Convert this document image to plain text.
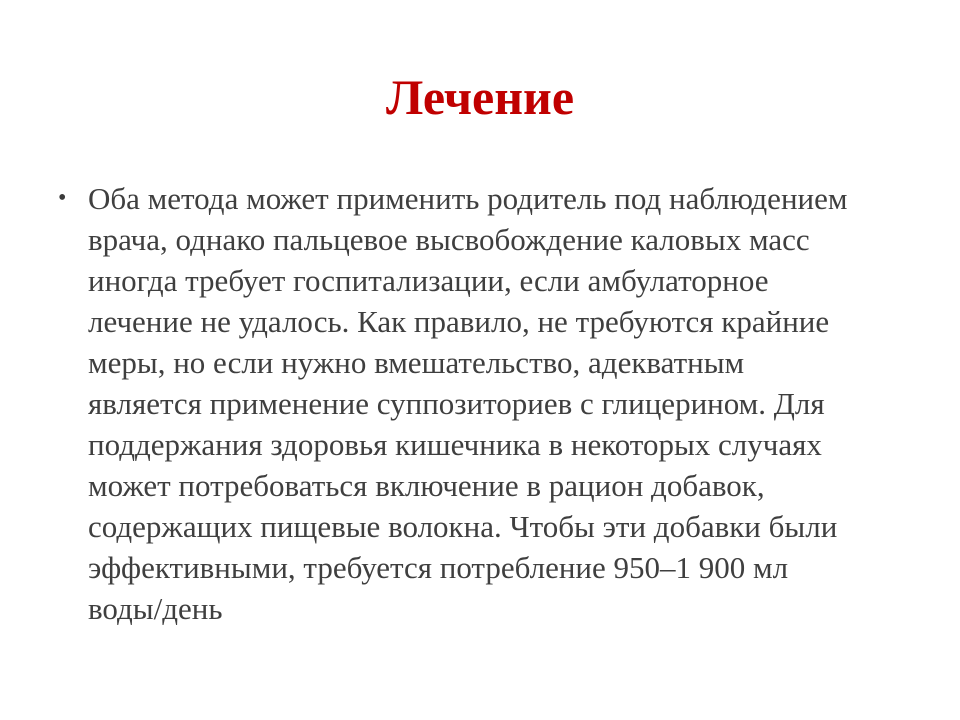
Лечение
• Оба метода может применить родитель под наблюдением
врача, однако пальцевое высвобождение каловых масс
иногда требует госпитализации, если амбулаторное
лечение не удалось. Как правило, не требуются крайние
меры, но если нужно вмешательство, адекватным
является применение суппозиториев с глицерином. Для
поддержания здоровья кишечника в некоторых случаях
может потребоваться включение в рацион добавок,
содержащих пищевые волокна. Чтобы эти добавки были
эффективными, требуется потребление 950–1 900 мл
воды/день
